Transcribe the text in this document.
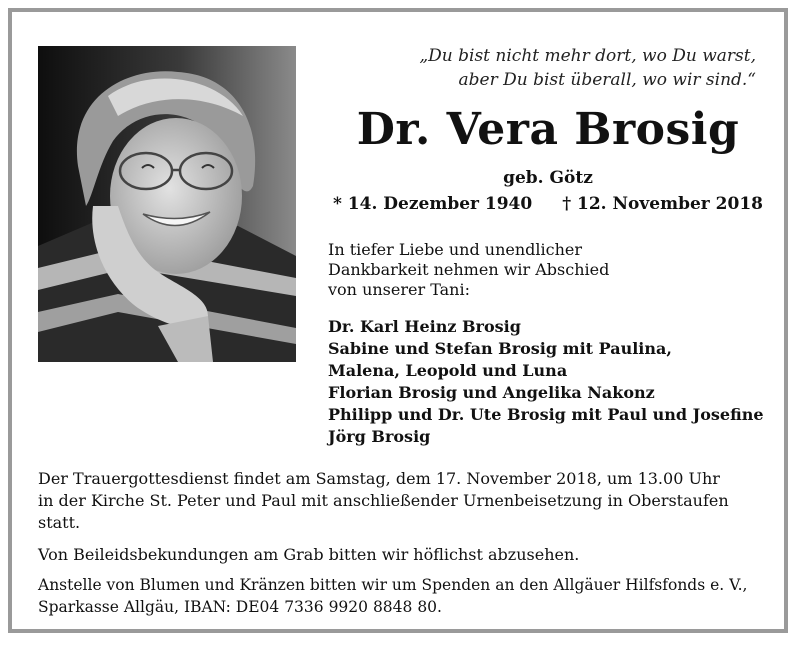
„Du bist nicht mehr dort, wo Du warst,
aber Du bist überall, wo wir sind.“
Dr. Vera Brosig
geb. Götz
* 14. Dezember 1940 † 12. November 2018
In tiefer Liebe und unendlicher
Dankbarkeit nehmen wir Abschied
von unserer Tani:
Dr. Karl Heinz Brosig
Sabine und Stefan Brosig mit Paulina,
Malena, Leopold und Luna
Florian Brosig und Angelika Nakonz
Philipp und Dr. Ute Brosig mit Paul und Josefine
Jörg Brosig
Der Trauergottesdienst findet am Samstag, dem 17. November 2018, um 13.00 Uhr
in der Kirche St. Peter und Paul mit anschließender Urnenbeisetzung in Oberstaufen
statt.
Von Beileidsbekundungen am Grab bitten wir höflichst abzusehen.
Anstelle von Blumen und Kränzen bitten wir um Spenden an den Allgäuer Hilfsfonds e. V.,
Sparkasse Allgäu, IBAN: DE04 7336 9920 8848 80.
